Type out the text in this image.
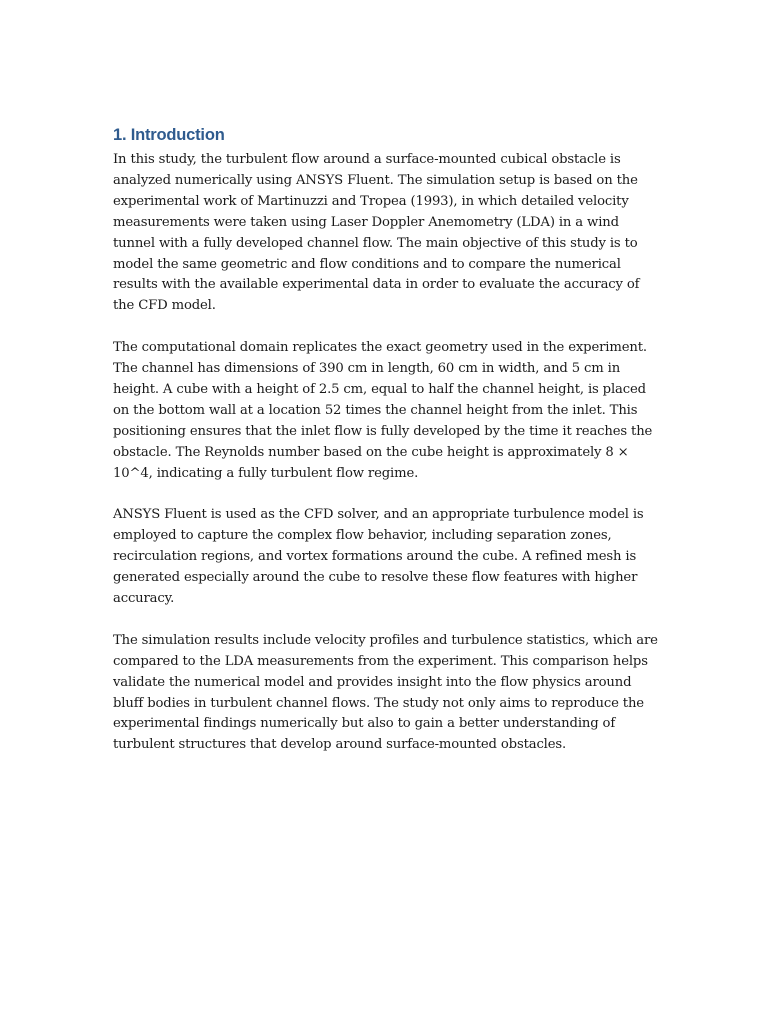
1. Introduction

In this study, the turbulent flow around a surface-mounted cubical obstacle is analyzed numerically using ANSYS Fluent. The simulation setup is based on the experimental work of Martinuzzi and Tropea (1993), in which detailed velocity measurements were taken using Laser Doppler Anemometry (LDA) in a wind tunnel with a fully developed channel flow. The main objective of this study is to model the same geometric and flow conditions and to compare the numerical results with the available experimental data in order to evaluate the accuracy of the CFD model.

The computational domain replicates the exact geometry used in the experiment. The channel has dimensions of 390 cm in length, 60 cm in width, and 5 cm in height. A cube with a height of 2.5 cm, equal to half the channel height, is placed on the bottom wall at a location 52 times the channel height from the inlet. This positioning ensures that the inlet flow is fully developed by the time it reaches the obstacle. The Reynolds number based on the cube height is approximately 8 × 10^4, indicating a fully turbulent flow regime.

ANSYS Fluent is used as the CFD solver, and an appropriate turbulence model is employed to capture the complex flow behavior, including separation zones, recirculation regions, and vortex formations around the cube. A refined mesh is generated especially around the cube to resolve these flow features with higher accuracy.

The simulation results include velocity profiles and turbulence statistics, which are compared to the LDA measurements from the experiment. This comparison helps validate the numerical model and provides insight into the flow physics around bluff bodies in turbulent channel flows. The study not only aims to reproduce the experimental findings numerically but also to gain a better understanding of turbulent structures that develop around surface-mounted obstacles.
